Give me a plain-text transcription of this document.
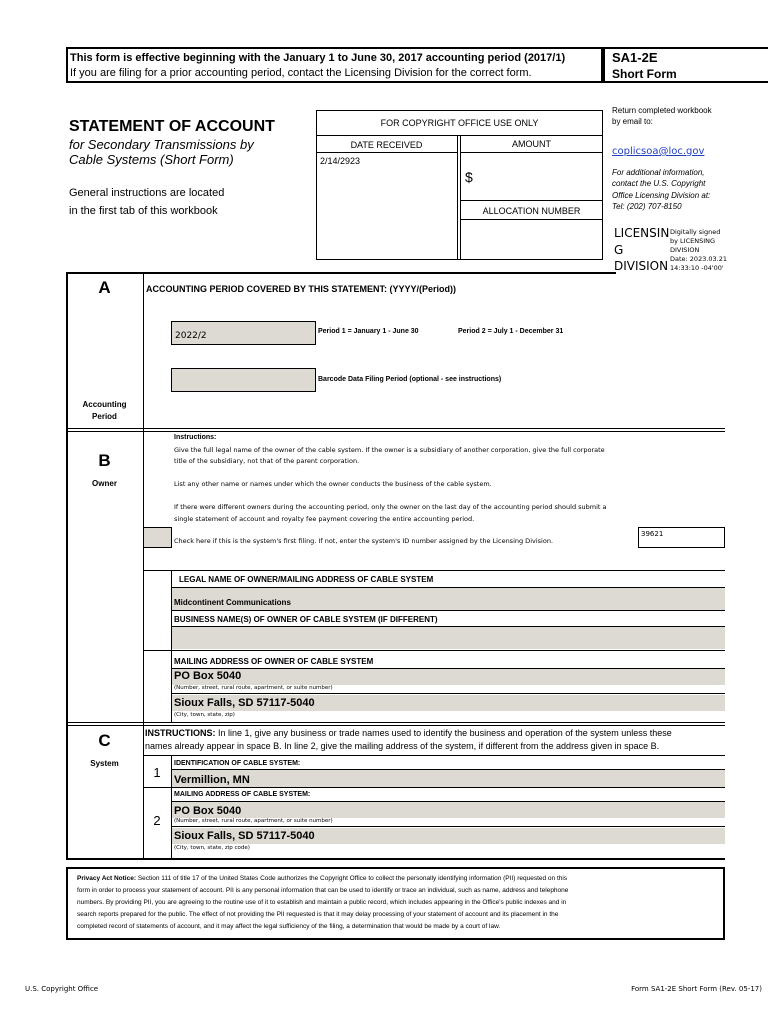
This form is effective beginning with the January 1 to June 30, 2017 accounting period (2017/1)
If you are filing for a prior accounting period, contact the Licensing Division for the correct form.
SA1-2E
Short Form
STATEMENT OF ACCOUNT
for Secondary Transmissions by
Cable Systems (Short Form)
General instructions are located
in the first tab of this workbook
FOR COPYRIGHT OFFICE USE ONLY
DATE RECEIVED	AMOUNT
2/14/2923
$
ALLOCATION NUMBER
Return completed workbook
by email to:
coplicsoa@loc.gov
For additional information,
contact the U.S. Copyright
Office Licensing Division at:
Tel: (202) 707-8150
LICENSIN
G
DIVISION
Digitally signed
by LICENSING
DIVISION
Date: 2023.03.21
14:33:10 -04'00'
A
Accounting
Period
ACCOUNTING PERIOD COVERED BY THIS STATEMENT: (YYYY/(Period))
2022/2	Period 1 = January 1 - June 30	Period 2 = July 1 - December 31
Barcode Data Filing Period (optional - see instructions)
B
Owner
Instructions:
Give the full legal name of the owner of the cable system. If the owner is a subsidiary of another corporation, give the full corporate
title of the subsidiary, not that of the parent corporation.
List any other name or names under which the owner conducts the business of the cable system.
If there were different owners during the accounting period, only the owner on the last day of the accounting period should submit a
single statement of account and royalty fee payment covering the entire accounting period.
Check here if this is the system's first filing. If not, enter the system's ID number assigned by the Licensing Division.
39621
LEGAL NAME OF OWNER/MAILING ADDRESS OF CABLE SYSTEM
Midcontinent Communications
BUSINESS NAME(S) OF OWNER OF CABLE SYSTEM (IF DIFFERENT)
MAILING ADDRESS OF OWNER OF CABLE SYSTEM
PO Box 5040
(Number, street, rural route, apartment, or suite number)
Sioux Falls, SD 57117-5040
(City, town, state, zip)
C
System
INSTRUCTIONS: In line 1, give any business or trade names used to identify the business and operation of the system unless these
names already appear in space B. In line 2, give the mailing address of the system, if different from the address given in space B.
1
IDENTIFICATION OF CABLE SYSTEM:
Vermillion, MN
MAILING ADDRESS OF CABLE SYSTEM:
2
PO Box 5040
(Number, street, rural route, apartment, or suite number)
Sioux Falls, SD 57117-5040
(City, town, state, zip code)
Privacy Act Notice: Section 111 of title 17 of the United States Code authorizes the Copyright Office to collect the personally identifying information (PII) requested on this
form in order to process your statement of account. PII is any personal information that can be used to identify or trace an individual, such as name, address and telephone
numbers. By providing PII, you are agreeing to the routine use of it to establish and maintain a public record, which includes appearing in the Office's public indexes and in
search reports prepared for the public. The effect of not providing the PII requested is that it may delay processing of your statement of account and its placement in the
completed record of statements of account, and it may affect the legal sufficiency of the filing, a determination that would be made by a court of law.
U.S. Copyright Office	Form SA1-2E Short Form (Rev. 05-17)
